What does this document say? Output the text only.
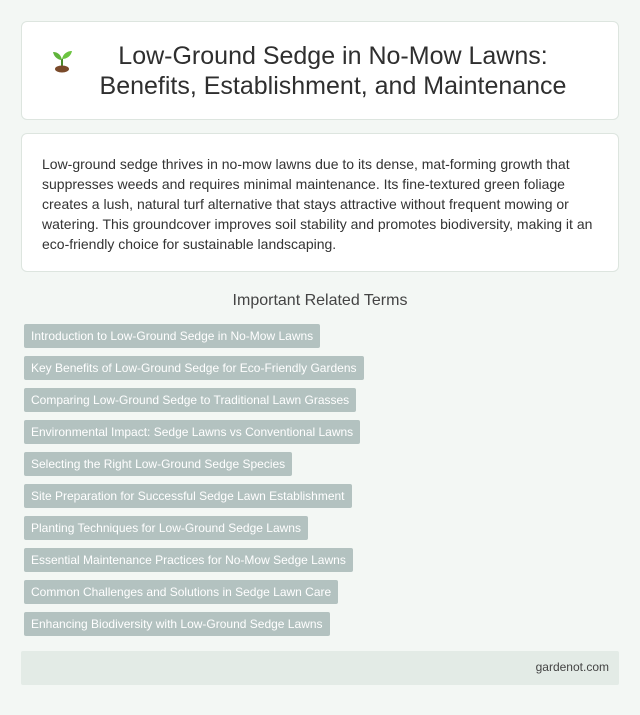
Low-Ground Sedge in No-Mow Lawns: Benefits, Establishment, and Maintenance

Low-ground sedge thrives in no-mow lawns due to its dense, mat-forming growth that suppresses weeds and requires minimal maintenance. Its fine-textured green foliage creates a lush, natural turf alternative that stays attractive without frequent mowing or watering. This groundcover improves soil stability and promotes biodiversity, making it an eco-friendly choice for sustainable landscaping.

Important Related Terms
Introduction to Low-Ground Sedge in No-Mow Lawns
Key Benefits of Low-Ground Sedge for Eco-Friendly Gardens
Comparing Low-Ground Sedge to Traditional Lawn Grasses
Environmental Impact: Sedge Lawns vs Conventional Lawns
Selecting the Right Low-Ground Sedge Species
Site Preparation for Successful Sedge Lawn Establishment
Planting Techniques for Low-Ground Sedge Lawns
Essential Maintenance Practices for No-Mow Sedge Lawns
Common Challenges and Solutions in Sedge Lawn Care
Enhancing Biodiversity with Low-Ground Sedge Lawns
gardenot.com
